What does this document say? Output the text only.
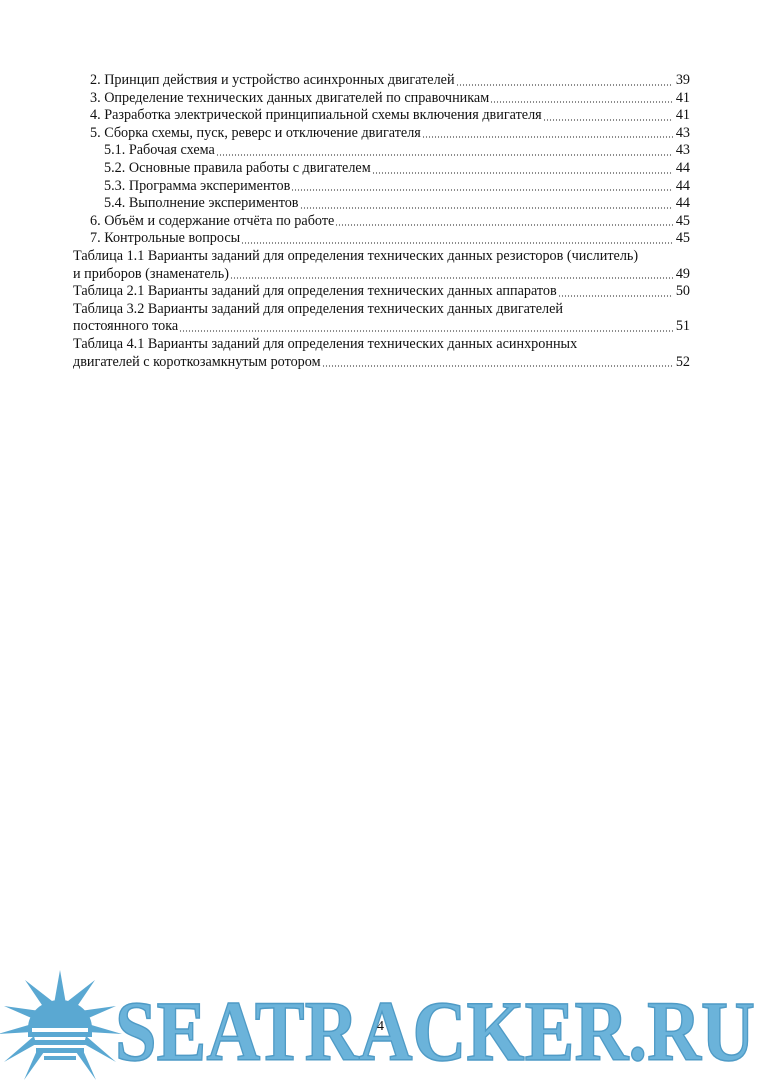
2. Принцип действия и устройство асинхронных двигателей	39
3. Определение технических данных двигателей по справочникам	41
4. Разработка электрической принципиальной схемы включения двигателя	41
5. Сборка схемы, пуск, реверс и отключение двигателя	43
5.1. Рабочая схема	43
5.2. Основные правила работы с двигателем	44
5.3. Программа экспериментов	44
5.4. Выполнение экспериментов	44
6. Объём и содержание отчёта по работе	45
7. Контрольные вопросы	45
Таблица 1.1 Варианты заданий для определения технических данных резисторов (числитель)
и приборов (знаменатель)	49
Таблица 2.1 Варианты заданий для определения технических данных аппаратов	50
Таблица 3.2 Варианты заданий для определения технических данных двигателей
постоянного тока	51
Таблица 4.1 Варианты заданий для определения технических данных асинхронных
двигателей с короткозамкнутым ротором	52
SEATRACKER.RU
4
